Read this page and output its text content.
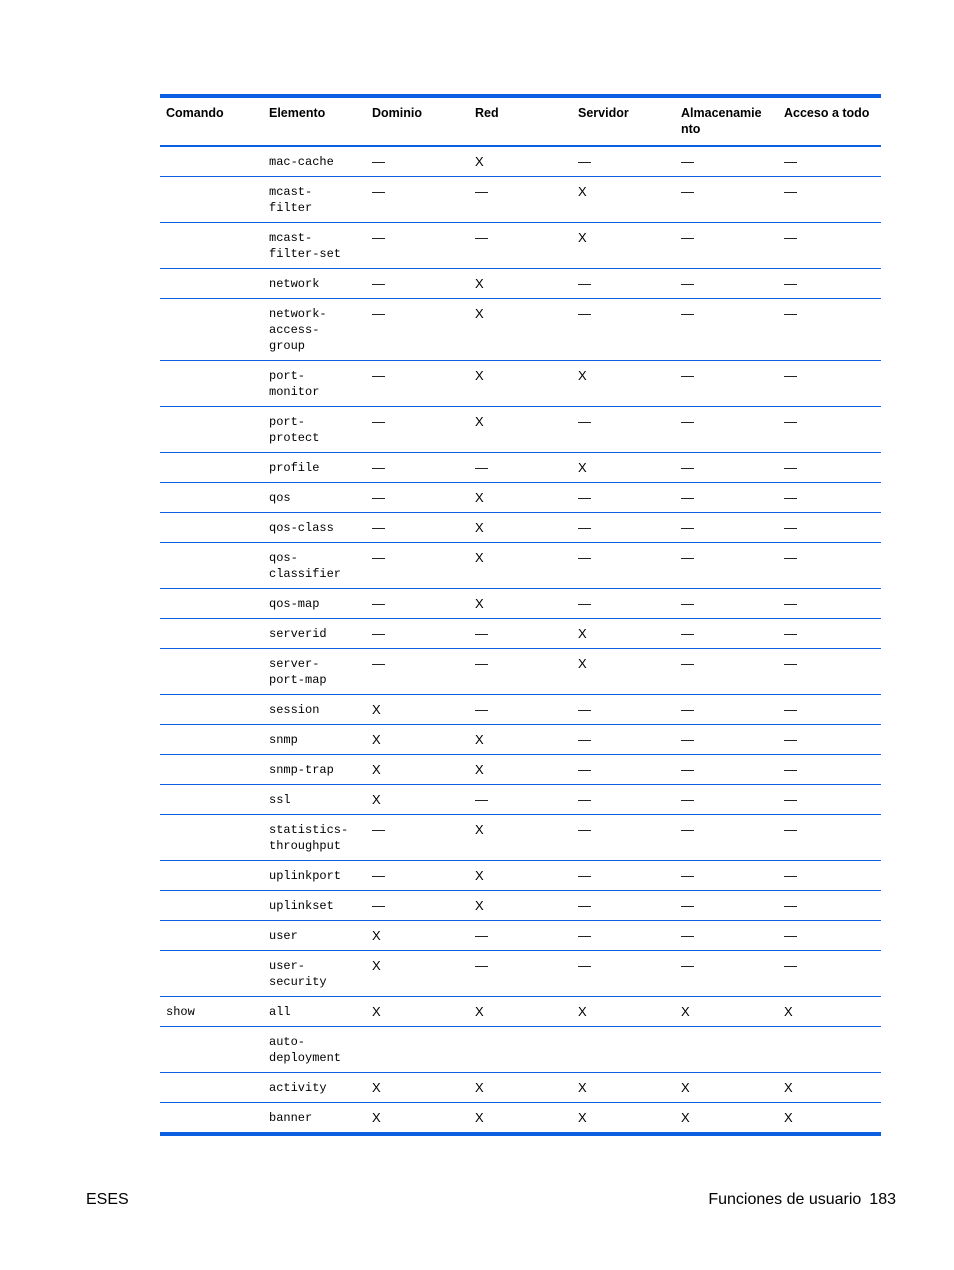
Comando	Elemento	Dominio	Red	Servidor	Almacenamie nto	Acceso a todo
	mac-cache	—	X	—	—	—
	mcast- filter	—	—	X	—	—
	mcast- filter-set	—	—	X	—	—
	network	—	X	—	—	—
	network- access- group	—	X	—	—	—
	port- monitor	—	X	X	—	—
	port- protect	—	X	—	—	—
	profile	—	—	X	—	—
	qos	—	X	—	—	—
	qos-class	—	X	—	—	—
	qos- classifier	—	X	—	—	—
	qos-map	—	X	—	—	—
	serverid	—	—	X	—	—
	server- port-map	—	—	X	—	—
	session	X	—	—	—	—
	snmp	X	X	—	—	—
	snmp-trap	X	X	—	—	—
	ssl	X	—	—	—	—
	statistics- throughput	—	X	—	—	—
	uplinkport	—	X	—	—	—
	uplinkset	—	X	—	—	—
	user	X	—	—	—	—
	user- security	X	—	—	—	—
show	all	X	X	X	X	X
	auto- deployment					
	activity	X	X	X	X	X
	banner	X	X	X	X	X
ESES	Funciones de usuario 183
